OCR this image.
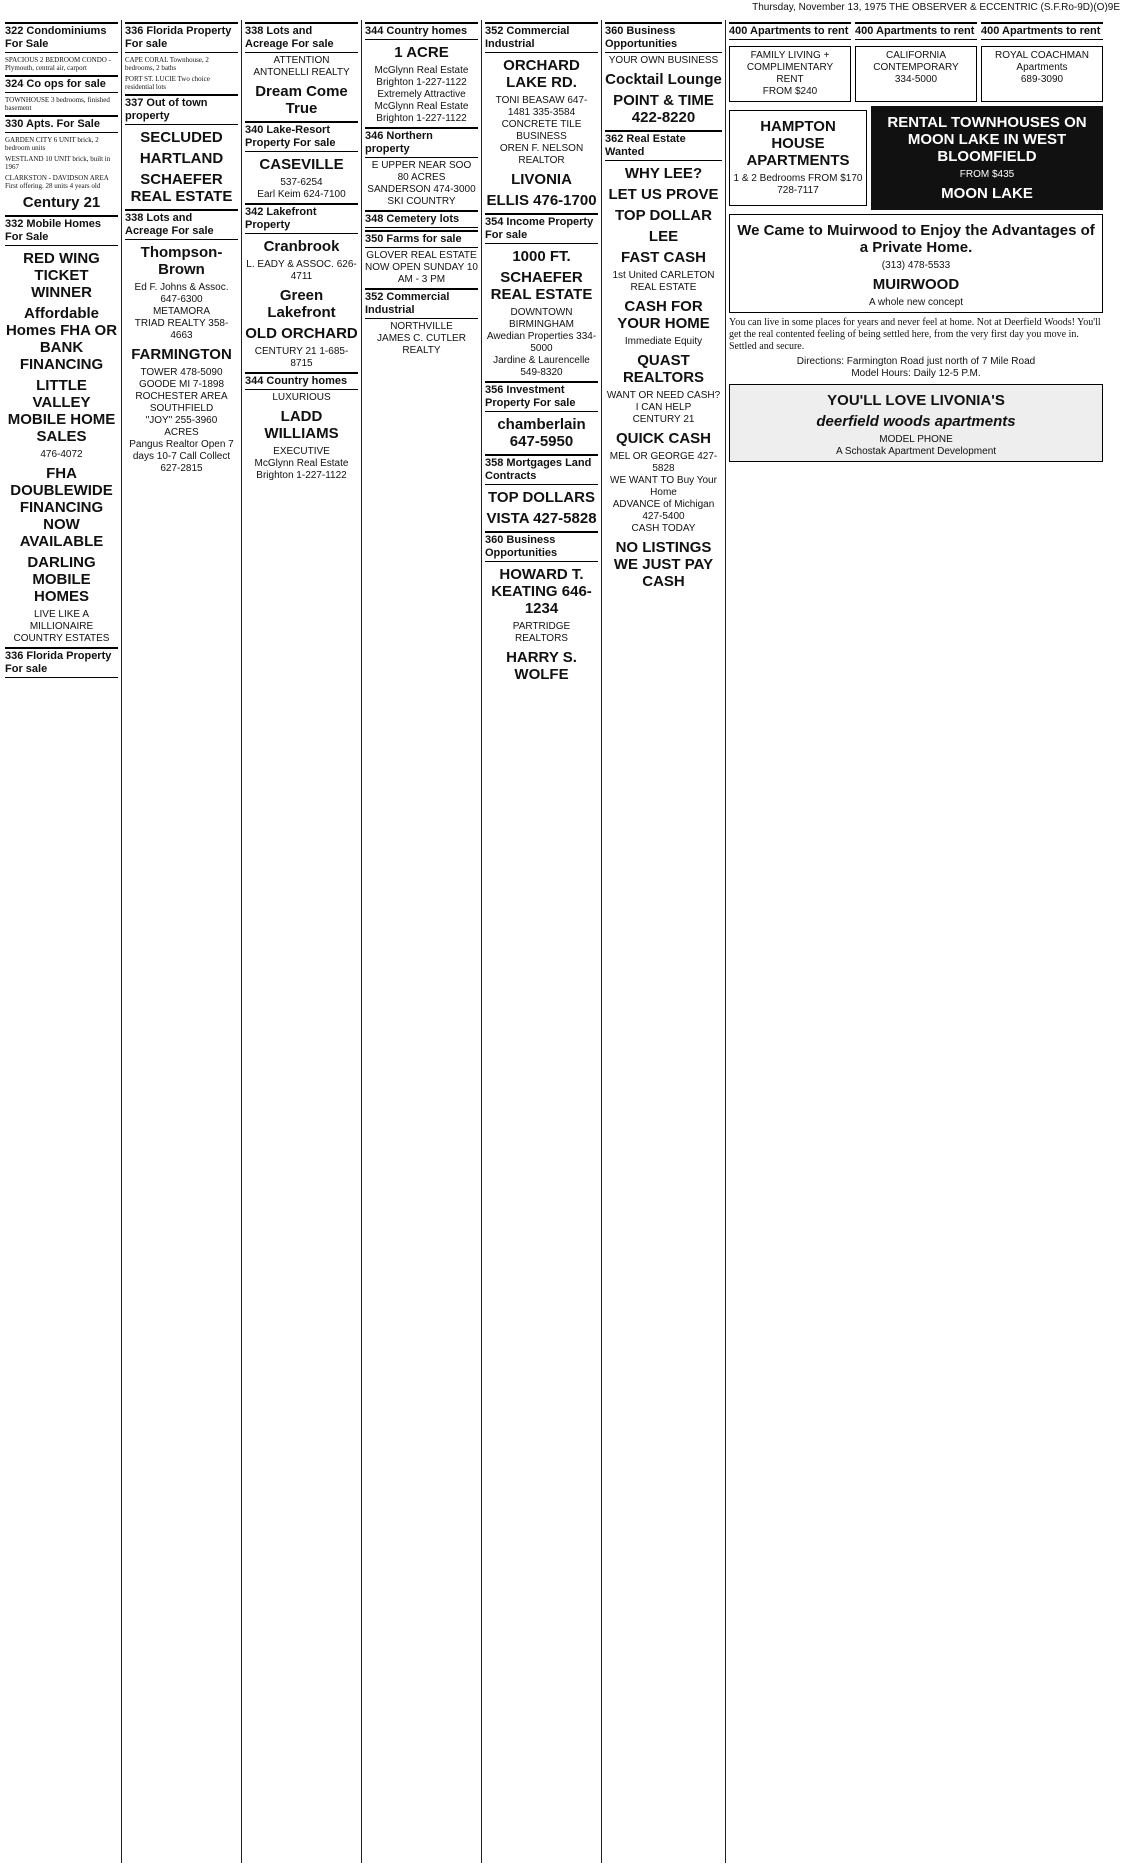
Thursday, November 13, 1975 THE OBSERVER & ECCENTRIC (S.F.Ro-9D)(O)9E
322 Condominiums For Sale
SPACIOUS 2 BEDROOM CONDO - Plymouth, central air, carport
324 Co ops for sale
TOWNHOUSE 3 bedrooms, finished basement
330 Apts. For Sale
GARDEN CITY 6 UNIT brick, 2 bedroom units
WESTLAND 10 UNIT brick, built in 1967
CLARKSTON - DAVIDSON AREA First offering. 28 units 4 years old
Century 21
332 Mobile Homes For Sale
RED WING TICKET WINNER
Affordable Homes FHA OR BANK FINANCING
LITTLE VALLEY MOBILE HOME SALES
476-4072
FHA DOUBLEWIDE FINANCING NOW AVAILABLE
DARLING MOBILE HOMES
LIVE LIKE A MILLIONAIRE COUNTRY ESTATES
336 Florida Property For sale
336 Florida Property For sale
CAPE CORAL Townhouse, 2 bedrooms, 2 baths
PORT ST. LUCIE Two choice residential lots
337 Out of town property
SECLUDED
HARTLAND
SCHAEFER REAL ESTATE
338 Lots and Acreage For sale
Thompson-Brown
Ed F. Johns & Assoc. 647-6300
METAMORA
TRIAD REALTY 358-4663
FARMINGTON
TOWER 478-5090
GOODE MI 7-1898
ROCHESTER AREA
SOUTHFIELD
"JOY" 255-3960
ACRES
Pangus Realtor Open 7 days 10-7 Call Collect 627-2815
338 Lots and Acreage For sale
ATTENTION
ANTONELLI REALTY
Dream Come True
340 Lake-Resort Property For sale
CASEVILLE
537-6254
Earl Keim 624-7100
342 Lakefront Property
Cranbrook
L. EADY & ASSOC. 626-4711
Green Lakefront
OLD ORCHARD
CENTURY 21 1-685-8715
344 Country homes
LUXURIOUS
LADD WILLIAMS
EXECUTIVE
McGlynn Real Estate Brighton 1-227-1122
344 Country homes
1 ACRE
McGlynn Real Estate Brighton 1-227-1122
Extremely Attractive
McGlynn Real Estate Brighton 1-227-1122
346 Northern property
E UPPER NEAR SOO
80 ACRES
SANDERSON 474-3000
SKI COUNTRY
348 Cemetery lots
350 Farms for sale
GLOVER REAL ESTATE
NOW OPEN SUNDAY 10 AM - 3 PM
352 Commercial Industrial
NORTHVILLE
JAMES C. CUTLER REALTY
352 Commercial Industrial
ORCHARD LAKE RD.
TONI BEASAW 647-1481 335-3584
CONCRETE TILE BUSINESS
OREN F. NELSON REALTOR
LIVONIA
ELLIS 476-1700
354 Income Property For sale
1000 FT.
SCHAEFER REAL ESTATE
DOWNTOWN BIRMINGHAM
Awedian Properties 334-5000
Jardine & Laurencelle 549-8320
356 Investment Property For sale
chamberlain 647-5950
358 Mortgages Land Contracts
TOP DOLLARS
VISTA 427-5828
360 Business Opportunities
HOWARD T. KEATING 646-1234
PARTRIDGE REALTORS
HARRY S. WOLFE
360 Business Opportunities
YOUR OWN BUSINESS
Cocktail Lounge
POINT & TIME 422-8220
362 Real Estate Wanted
WHY LEE?
LET US PROVE
TOP DOLLAR
LEE
FAST CASH
1st United CARLETON REAL ESTATE
CASH FOR YOUR HOME
Immediate Equity
QUAST REALTORS
WANT OR NEED CASH?
I CAN HELP
CENTURY 21
QUICK CASH
MEL OR GEORGE 427-5828
WE WANT TO Buy Your Home
ADVANCE of Michigan 427-5400
CASH TODAY
NO LISTINGS WE JUST PAY CASH
400 Apartments to rent 400 Apartments to rent 400 Apartments to rent
FAMILY LIVING + COMPLIMENTARY RENT
FROM $240
CALIFORNIA CONTEMPORARY
334-5000
ROYAL COACHMAN Apartments
689-3090
HAMPTON HOUSE APARTMENTS
1 & 2 Bedrooms FROM $170
728-7117
RENTAL TOWNHOUSES ON MOON LAKE IN WEST BLOOMFIELD
FROM $435
MOON LAKE
We Came to Muirwood to Enjoy the Advantages of a Private Home.
(313) 478-5533
MUIRWOOD
A whole new concept
You can live in some places for years and never feel at home. Not at Deerfield Woods! You'll get the real contented feeling of being settled here, from the very first day you move in. Settled and secure.
Directions: Farmington Road just north of 7 Mile Road
Model Hours: Daily 12-5 P.M.
YOU'LL LOVE LIVONIA'S
deerfield woods apartments
MODEL PHONE
A Schostak Apartment Development
